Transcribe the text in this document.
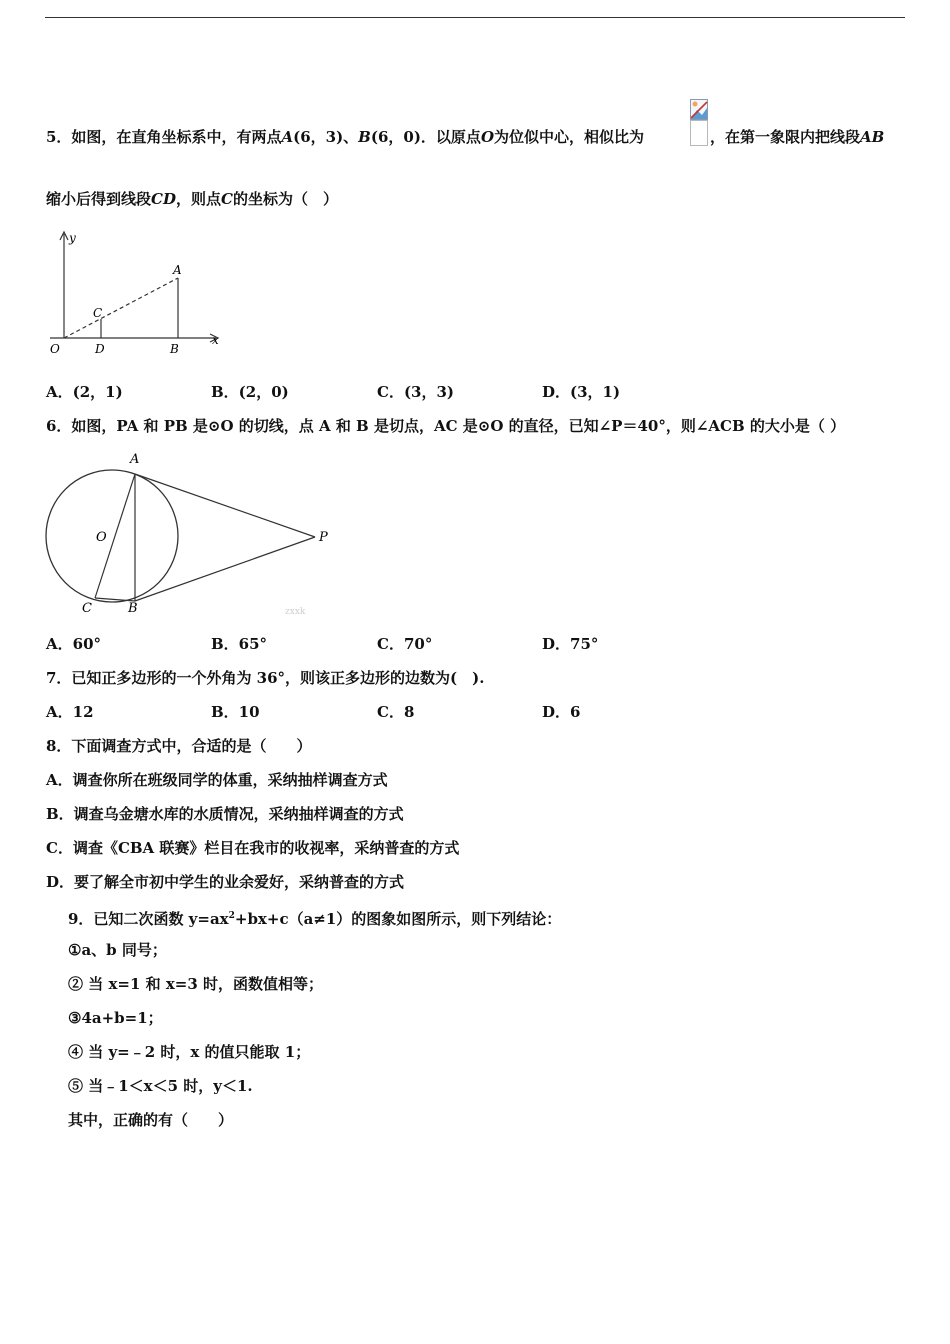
5．如图，在直角坐标系中，有两点A(6，3)、B(6，0)．以原点O为位似中心，相似比为	，在第一象限内把线段AB
缩小后得到线段CD，则点C的坐标为（　）
y
x
A
C
O	D	B
A．(2，1)	B．(2，0)	C．(3，3)	D．(3，1)
6．如图，PA 和 PB 是⊙O 的切线，点 A 和 B 是切点，AC 是⊙O 的直径，已知∠P＝40°，则∠ACB 的大小是（ ）
A
O	P
C	B	zxxk
A．60°	B．65°	C．70°	D．75°
7．已知正多边形的一个外角为 36°，则该正多边形的边数为(　).
A．12	B．10	C．8	D．6
8．下面调查方式中，合适的是（　　）
A．调查你所在班级同学的体重，采纳抽样调查方式
B．调查乌金塘水库的水质情况，采纳抽样调查的方式
C．调查《CBA 联赛》栏目在我市的收视率，采纳普查的方式
D．要了解全市初中学生的业余爱好，采纳普查的方式
9．已知二次函数 $y=ax^2+bx+c(a\ne 1)$的图象如图所示，则下列结论：
①a、b 同号；
② 当 x=1 和 x=3 时，函数值相等；
③4a+b=1；
④ 当 y=﹣2 时，x 的值只能取 1；
⑤ 当﹣1＜x＜5 时，y＜1.
其中，正确的有（　　）
